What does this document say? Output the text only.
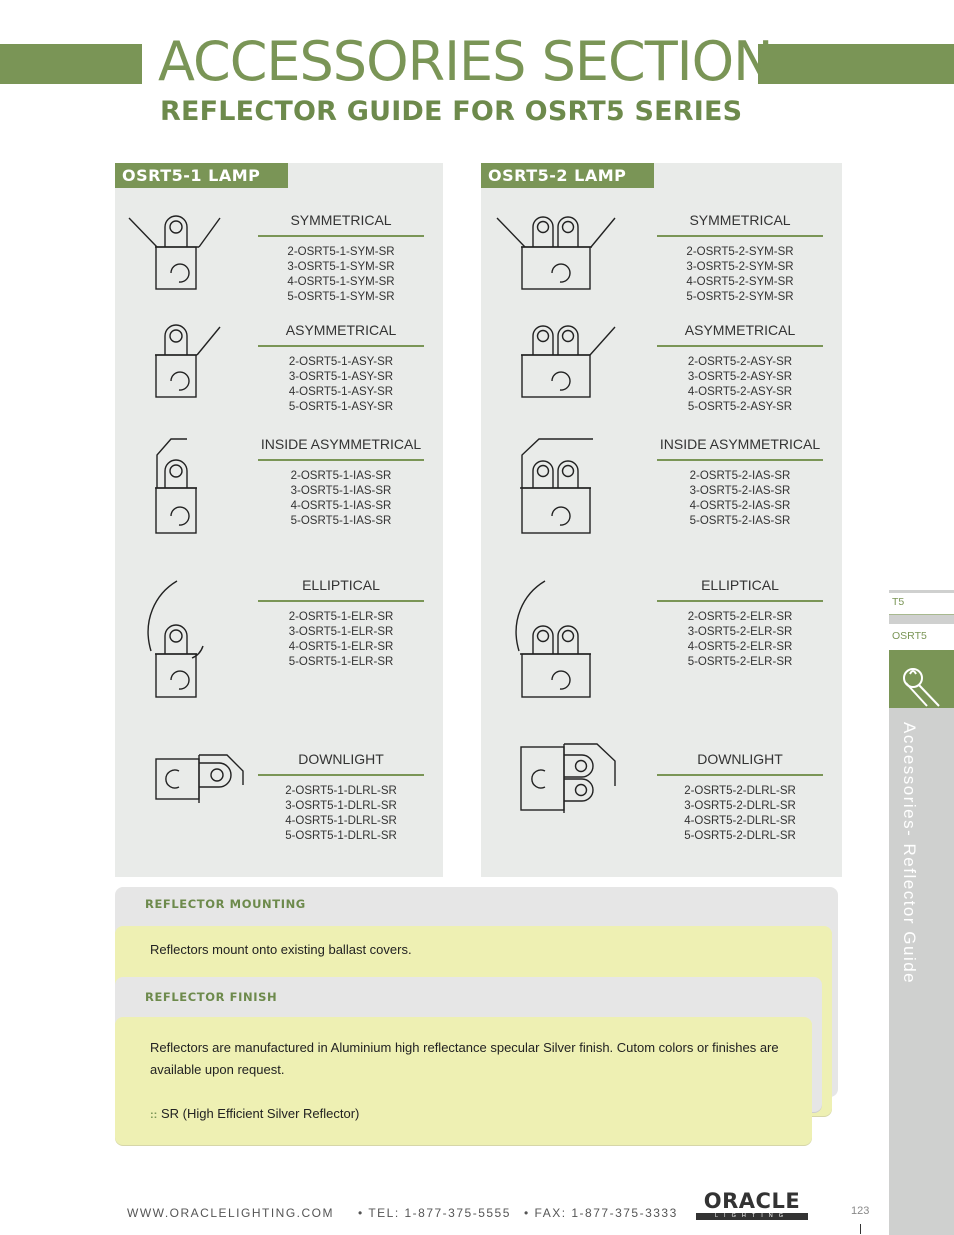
ACCESSORIES SECTION
REFLECTOR GUIDE FOR OSRT5 SERIES
OSRT5-1 LAMP
SYMMETRICAL
2-OSRT5-1-SYM-SR
3-OSRT5-1-SYM-SR
4-OSRT5-1-SYM-SR
5-OSRT5-1-SYM-SR
ASYMMETRICAL
2-OSRT5-1-ASY-SR
3-OSRT5-1-ASY-SR
4-OSRT5-1-ASY-SR
5-OSRT5-1-ASY-SR
INSIDE ASYMMETRICAL
2-OSRT5-1-IAS-SR
3-OSRT5-1-IAS-SR
4-OSRT5-1-IAS-SR
5-OSRT5-1-IAS-SR
ELLIPTICAL
2-OSRT5-1-ELR-SR
3-OSRT5-1-ELR-SR
4-OSRT5-1-ELR-SR
5-OSRT5-1-ELR-SR
DOWNLIGHT
2-OSRT5-1-DLRL-SR
3-OSRT5-1-DLRL-SR
4-OSRT5-1-DLRL-SR
5-OSRT5-1-DLRL-SR
OSRT5-2 LAMP
SYMMETRICAL
2-OSRT5-2-SYM-SR
3-OSRT5-2-SYM-SR
4-OSRT5-2-SYM-SR
5-OSRT5-2-SYM-SR
ASYMMETRICAL
2-OSRT5-2-ASY-SR
3-OSRT5-2-ASY-SR
4-OSRT5-2-ASY-SR
5-OSRT5-2-ASY-SR
INSIDE ASYMMETRICAL
2-OSRT5-2-IAS-SR
3-OSRT5-2-IAS-SR
4-OSRT5-2-IAS-SR
5-OSRT5-2-IAS-SR
ELLIPTICAL
2-OSRT5-2-ELR-SR
3-OSRT5-2-ELR-SR
4-OSRT5-2-ELR-SR
5-OSRT5-2-ELR-SR
DOWNLIGHT
2-OSRT5-2-DLRL-SR
3-OSRT5-2-DLRL-SR
4-OSRT5-2-DLRL-SR
5-OSRT5-2-DLRL-SR
REFLECTOR MOUNTING
Reflectors mount onto existing ballast covers.
REFLECTOR FINISH
Reflectors are manufactured in Aluminium high reflectance specular Silver finish. Cutom colors or finishes are available upon request.
:: SR (High Efficient Silver Reflector)
T5
OSRT5
Accessories- Reflector Guide
WWW.ORACLELIGHTING.COM • TEL: 1-877-375-5555 • FAX: 1-877-375-3333	ORACLE
LIGHTING	123
